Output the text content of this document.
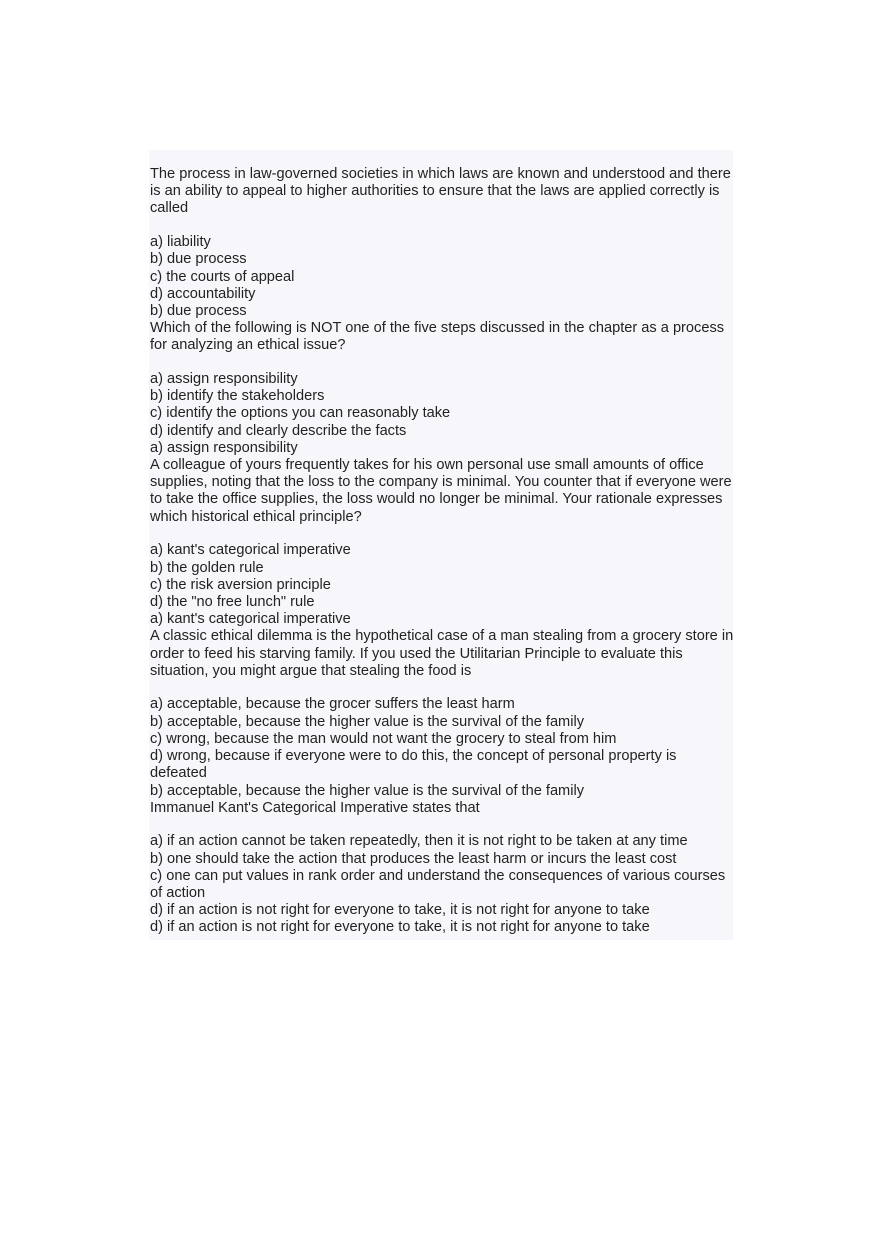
The process in law-governed societies in which laws are known and understood and there is an ability to appeal to higher authorities to ensure that the laws are applied correctly is called
a) liability
b) due process
c) the courts of appeal
d) accountability
b) due process
Which of the following is NOT one of the five steps discussed in the chapter as a process for analyzing an ethical issue?
a) assign responsibility
b) identify the stakeholders
c) identify the options you can reasonably take
d) identify and clearly describe the facts
a) assign responsibility
A colleague of yours frequently takes for his own personal use small amounts of office supplies, noting that the loss to the company is minimal. You counter that if everyone were to take the office supplies, the loss would no longer be minimal. Your rationale expresses which historical ethical principle?
a) kant's categorical imperative
b) the golden rule
c) the risk aversion principle
d) the "no free lunch" rule
a) kant's categorical imperative
A classic ethical dilemma is the hypothetical case of a man stealing from a grocery store in order to feed his starving family. If you used the Utilitarian Principle to evaluate this situation, you might argue that stealing the food is
a) acceptable, because the grocer suffers the least harm
b) acceptable, because the higher value is the survival of the family
c) wrong, because the man would not want the grocery to steal from him
d) wrong, because if everyone were to do this, the concept of personal property is defeated
b) acceptable, because the higher value is the survival of the family
Immanuel Kant's Categorical Imperative states that
a) if an action cannot be taken repeatedly, then it is not right to be taken at any time
b) one should take the action that produces the least harm or incurs the least cost
c) one can put values in rank order and understand the consequences of various courses of action
d) if an action is not right for everyone to take, it is not right for anyone to take
d) if an action is not right for everyone to take, it is not right for anyone to take
